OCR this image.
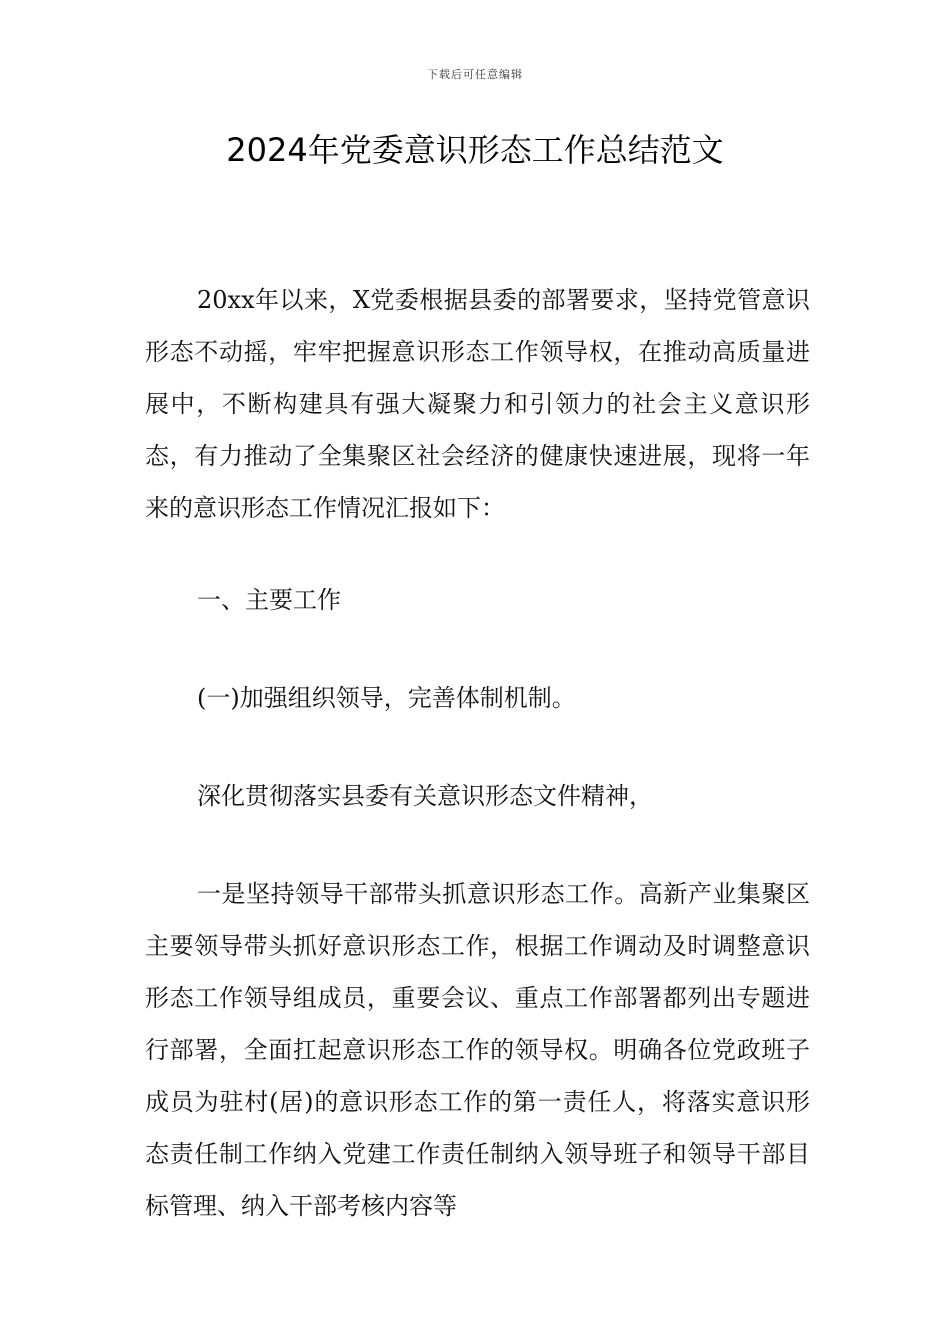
下载后可任意编辑
2024年党委意识形态工作总结范文

20xx年以来，X党委根据县委的部署要求，坚持党管意识形态不动摇，牢牢把握意识形态工作领导权，在推动高质量进展中，不断构建具有强大凝聚力和引领力的社会主义意识形态，有力推动了全集聚区社会经济的健康快速进展，现将一年来的意识形态工作情况汇报如下：

一、主要工作

(一)加强组织领导，完善体制机制。

深化贯彻落实县委有关意识形态文件精神，

一是坚持领导干部带头抓意识形态工作。高新产业集聚区主要领导带头抓好意识形态工作，根据工作调动及时调整意识形态工作领导组成员，重要会议、重点工作部署都列出专题进行部署，全面扛起意识形态工作的领导权。明确各位党政班子成员为驻村(居)的意识形态工作的第一责任人，将落实意识形态责任制工作纳入党建工作责任制纳入领导班子和领导干部目标管理、纳入干部考核内容等
